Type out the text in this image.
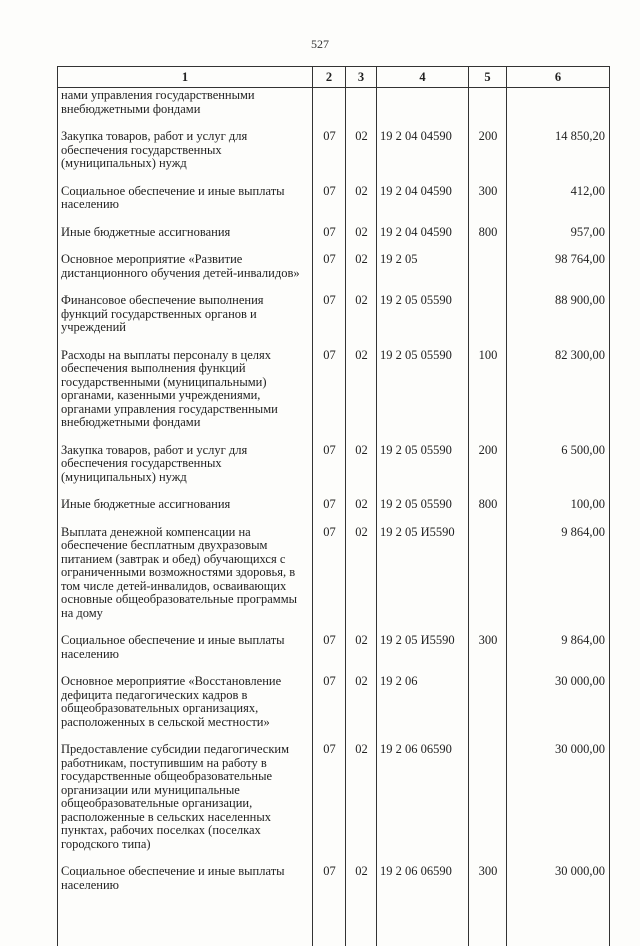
527
1	2	3	4	5	6
нами управления государственными внебюджетными фондами					
Закупка товаров, работ и услуг для обеспечения государственных (муниципальных) нужд	07	02	19 2 04 04590	200	14 850,20
Социальное обеспечение и иные выплаты населению	07	02	19 2 04 04590	300	412,00
Иные бюджетные ассигнования	07	02	19 2 04 04590	800	957,00
Основное мероприятие «Развитие дистанционного обучения детей-инвалидов»	07	02	19 2 05		98 764,00
Финансовое обеспечение выполнения функций государственных органов и учреждений	07	02	19 2 05 05590		88 900,00
Расходы на выплаты персоналу в целях обеспечения выполнения функций государственными (муниципальными) органами, казенными учреждениями, органами управления государственными внебюджетными фондами	07	02	19 2 05 05590	100	82 300,00
Закупка товаров, работ и услуг для обеспечения государственных (муниципальных) нужд	07	02	19 2 05 05590	200	6 500,00
Иные бюджетные ассигнования	07	02	19 2 05 05590	800	100,00
Выплата денежной компенсации на обеспечение бесплатным двухразовым питанием (завтрак и обед) обучающихся с ограниченными возможностями здоровья, в том числе детей-инвалидов, осваивающих основные общеобразовательные программы на дому	07	02	19 2 05 И5590		9 864,00
Социальное обеспечение и иные выплаты населению	07	02	19 2 05 И5590	300	9 864,00
Основное мероприятие «Восстановление дефицита педагогических кадров в общеобразовательных организациях, расположенных в сельской местности»	07	02	19 2 06		30 000,00
Предоставление субсидии педагогическим работникам, поступившим на работу в государственные общеобразовательные организации или муниципальные общеобразовательные организации, расположенные в сельских населенных пунктах, рабочих поселках (поселках городского типа)	07	02	19 2 06 06590		30 000,00
Социальное обеспечение и иные выплаты населению	07	02	19 2 06 06590	300	30 000,00
